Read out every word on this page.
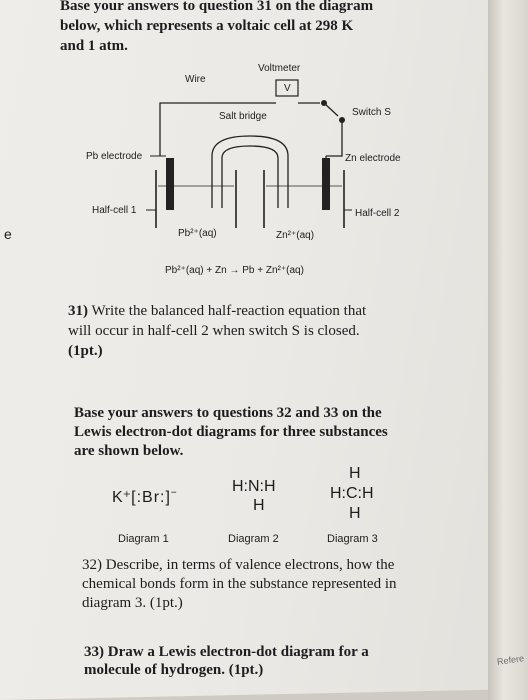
Refere
e
Base your answers to question 31 on the diagram
below, which represents a voltaic cell at 298 K
and 1 atm.
Voltmeter
V
Wire
Switch S
Salt bridge
Pb electrode	Zn electrode
Half-cell 1	Half-cell 2
Pb²⁺(aq)	Zn²⁺(aq)
Pb²⁺(aq) + Zn → Pb + Zn²⁺(aq)
31) Write the balanced half-reaction equation that
will occur in half-cell 2 when switch S is closed.
(1pt.)
Base your answers to questions 32 and 33 on the
Lewis electron-dot diagrams for three substances
are shown below.
K⁺[:Br:]−	H:N:H
H
H
H:C:H
H
Diagram 1	Diagram 2	Diagram 3
32) Describe, in terms of valence electrons, how the
chemical bonds form in the substance represented in
diagram 3. (1pt.)
33) Draw a Lewis electron-dot diagram for a
molecule of hydrogen. (1pt.)
